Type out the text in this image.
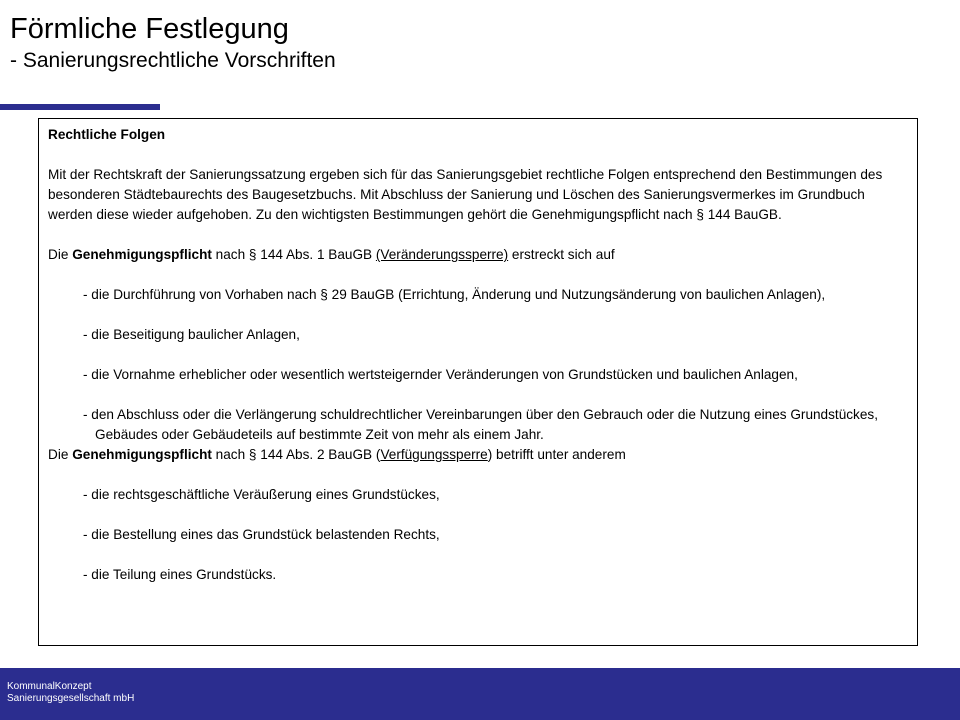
Förmliche Festlegung
- Sanierungsrechtliche Vorschriften

Rechtliche Folgen

Mit der Rechtskraft der Sanierungssatzung ergeben sich für das Sanierungsgebiet rechtliche Folgen entsprechend den Bestimmungen des besonderen Städtebaurechts des Baugesetzbuchs. Mit Abschluss der Sanierung und Löschen des Sanierungsvermerkes im Grundbuch werden diese wieder aufgehoben. Zu den wichtigsten Bestimmungen gehört die Genehmigungspflicht nach § 144 BauGB.

Die Genehmigungspflicht nach § 144 Abs. 1 BauGB (Veränderungssperre) erstreckt sich auf

- die Durchführung von Vorhaben nach § 29 BauGB (Errichtung, Änderung und Nutzungsänderung von baulichen Anlagen),

- die Beseitigung baulicher Anlagen,

- die Vornahme erheblicher oder wesentlich wertsteigernder Veränderungen von Grundstücken und baulichen Anlagen,

- den Abschluss oder die Verlängerung schuldrechtlicher Vereinbarungen über den Gebrauch oder die Nutzung eines Grundstückes, Gebäudes oder Gebäudeteils auf bestimmte Zeit von mehr als einem Jahr.

Die Genehmigungspflicht nach § 144 Abs. 2 BauGB (Verfügungssperre) betrifft unter anderem

- die rechtsgeschäftliche Veräußerung eines Grundstückes,

- die Bestellung eines das Grundstück belastenden Rechts,

- die Teilung eines Grundstücks.

KommunalKonzept
Sanierungsgesellschaft mbH
